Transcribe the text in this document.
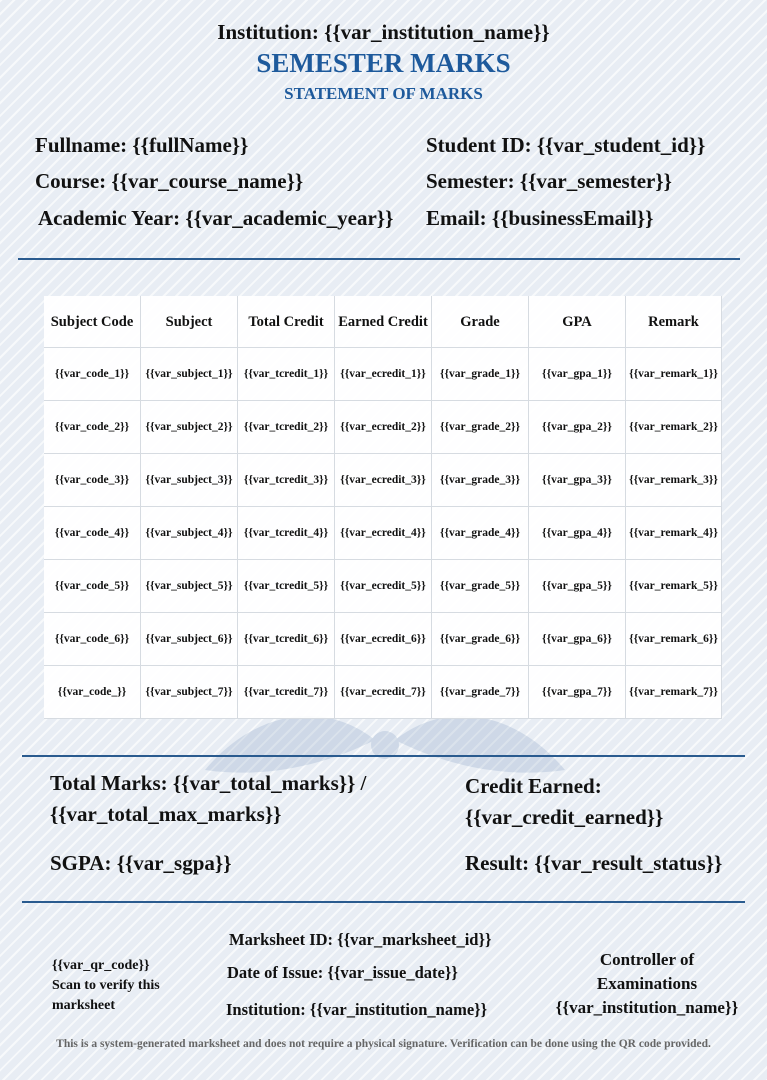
Institution: {{var_institution_name}}
SEMESTER MARKS
STATEMENT OF MARKS
Fullname: {{fullName}}	Student ID: {{var_student_id}}
Course: {{var_course_name}}	Semester: {{var_semester}}
Academic Year: {{var_academic_year}} Email: {{businessEmail}}
Subject Code	Subject	Total Credit	Earned Credit	Grade	GPA	Remark
{{var_code_1}}	{{var_subject_1}} {{var_tcredit_1}}	{{var_ecredit_1}}	{{var_grade_1}}	{{var_gpa_1}}	{{var_remark_1}}
{{var_code_2}}	{{var_subject_2}} {{var_tcredit_2}}	{{var_ecredit_2}}	{{var_grade_2}}	{{var_gpa_2}}	{{var_remark_2}}
{{var_code_3}}	{{var_subject_3}} {{var_tcredit_3}}	{{var_ecredit_3}}	{{var_grade_3}}	{{var_gpa_3}}	{{var_remark_3}}
{{var_code_4}}	{{var_subject_4}} {{var_tcredit_4}}	{{var_ecredit_4}}	{{var_grade_4}}	{{var_gpa_4}}	{{var_remark_4}}
{{var_code_5}}	{{var_subject_5}} {{var_tcredit_5}}	{{var_ecredit_5}}	{{var_grade_5}}	{{var_gpa_5}}	{{var_remark_5}}
{{var_code_6}}	{{var_subject_6}} {{var_tcredit_6}}	{{var_ecredit_6}}	{{var_grade_6}}	{{var_gpa_6}}	{{var_remark_6}}
{{var_code_}}	{{var_subject_7}} {{var_tcredit_7}}	{{var_ecredit_7}}	{{var_grade_7}}	{{var_gpa_7}}	{{var_remark_7}}
Total Marks: {{var_total_marks}} / {{var_total_max_marks}}
Credit Earned: {{var_credit_earned}}
SGPA: {{var_sgpa}}	Result: {{var_result_status}}
{{var_qr_code}}
Scan to verify this marksheet
Marksheet ID: {{var_marksheet_id}}
Date of Issue: {{var_issue_date}}
Institution: {{var_institution_name}}
Controller of Examinations
{{var_institution_name}}
This is a system-generated marksheet and does not require a physical signature. Verification can be done using the QR code provided.
